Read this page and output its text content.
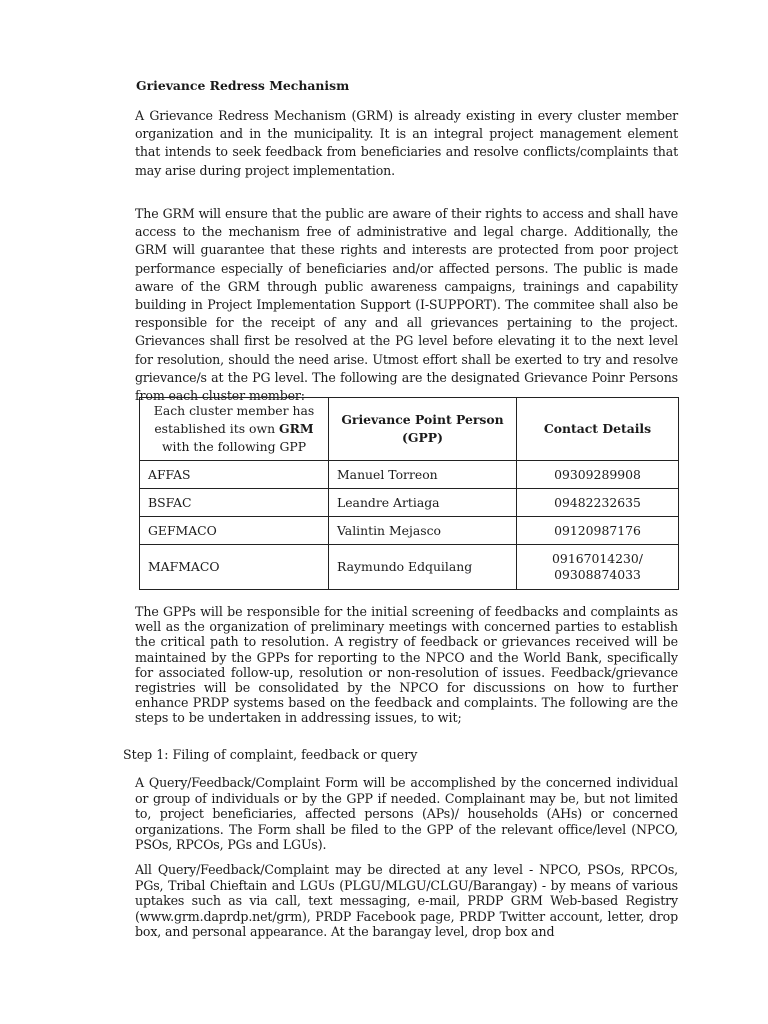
Grievance Redress Mechanism

A Grievance Redress Mechanism (GRM) is already existing in every cluster member organization and in the municipality. It is an integral project management element that intends to seek feedback from beneficiaries and resolve conflicts/complaints that may arise during project implementation.

The GRM will ensure that the public are aware of their rights to access and shall have access to the mechanism free of administrative and legal charge. Additionally, the GRM will guarantee that these rights and interests are protected from poor project performance especially of beneficiaries and/or affected persons. The public is made aware of the GRM through public awareness campaigns, trainings and capability building in Project Implementation Support (I-SUPPORT). The commitee shall also be responsible for the receipt of any and all grievances pertaining to the project. Grievances shall first be resolved at the PG level before elevating it to the next level for resolution, should the need arise. Utmost effort shall be exerted to try and resolve grievance/s at the PG level. The following are the designated Grievance Poinr Persons from each cluster member:

Each cluster member has established its own GRM with the following GPP	Grievance Point Person (GPP)	Contact Details
AFFAS	Manuel Torreon	09309289908
BSFAC	Leandre Artiaga	09482232635
GEFMACO	Valintin Mejasco	09120987176
MAFMACO	Raymundo Edquilang	09167014230/ 09308874033

The GPPs will be responsible for the initial screening of feedbacks and complaints as well as the organization of preliminary meetings with concerned parties to establish the critical path to resolution. A registry of feedback or grievances received will be maintained by the GPPs for reporting to the NPCO and the World Bank, specifically for associated follow-up, resolution or non-resolution of issues. Feedback/grievance registries will be consolidated by the NPCO for discussions on how to further enhance PRDP systems based on the feedback and complaints. The following are the steps to be undertaken in addressing issues, to wit;

Step 1: Filing of complaint, feedback or query

A Query/Feedback/Complaint Form will be accomplished by the concerned individual or group of individuals or by the GPP if needed. Complainant may be, but not limited to, project beneficiaries, affected persons (APs)/ households (AHs) or concerned organizations. The Form shall be filed to the GPP of the relevant office/level (NPCO, PSOs, RPCOs, PGs and LGUs).

All Query/Feedback/Complaint may be directed at any level - NPCO, PSOs, RPCOs, PGs, Tribal Chieftain and LGUs (PLGU/MLGU/CLGU/Barangay) - by means of various uptakes such as via call, text messaging, e-mail, PRDP GRM Web-based Registry (www.grm.daprdp.net/grm), PRDP Facebook page, PRDP Twitter account, letter, drop box, and personal appearance. At the barangay level, drop box and
